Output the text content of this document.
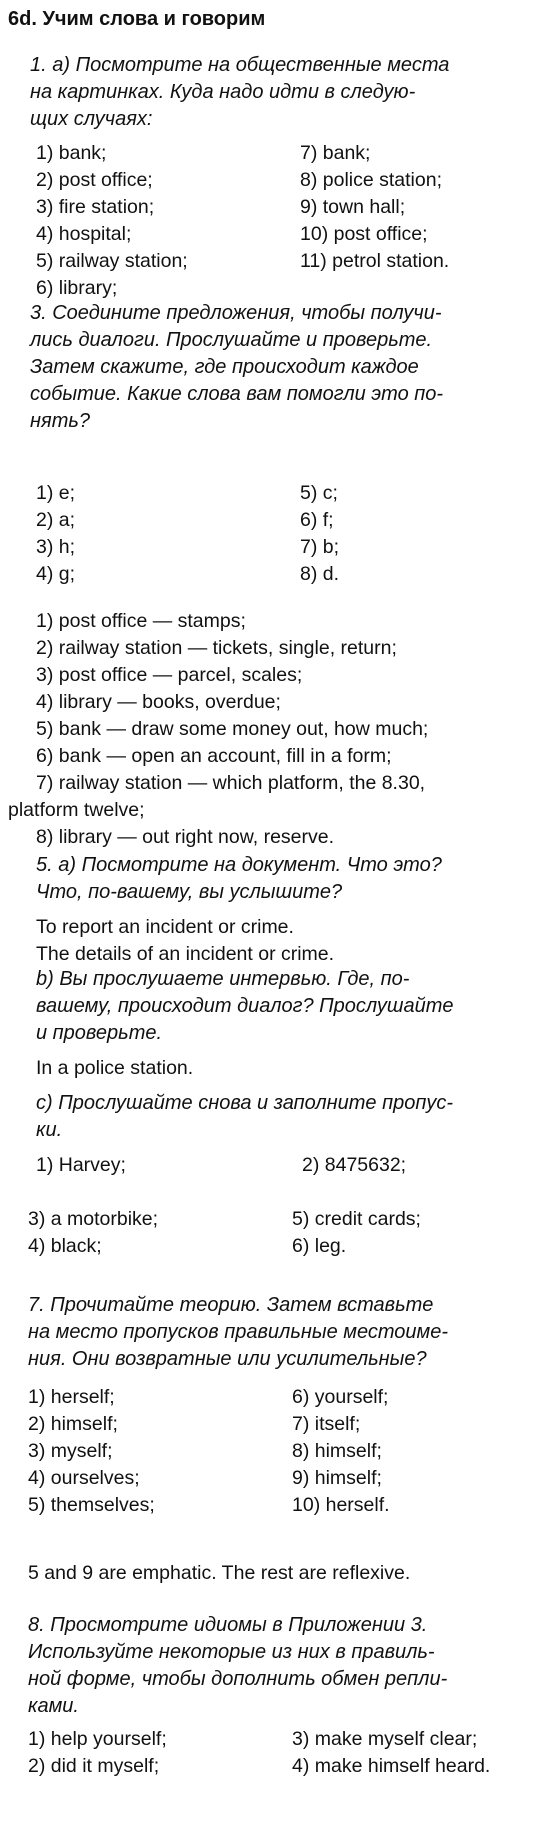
6d. Учим слова и говорим
1. a) Посмотрите на общественные места
на картинках. Куда надо идти в следую-
щих случаях:
1) bank;
2) post office;
3) fire station;
4) hospital;
5) railway station;
6) library;
7) bank;
8) police station;
9) town hall;
10) post office;
11) petrol station.
3. Соедините предложения, чтобы получи-
лись диалоги. Прослушайте и проверьте.
Затем скажите, где происходит каждое
событие. Какие слова вам помогли это по-
нять?
1) e;
2) a;
3) h;
4) g;
5) c;
6) f;
7) b;
8) d.
1) post office — stamps;
2) railway station — tickets, single, return;
3) post office — parcel, scales;
4) library — books, overdue;
5) bank — draw some money out, how much;
6) bank — open an account, fill in a form;
7) railway station — which platform, the 8.30,
platform twelve;
8) library — out right now, reserve.
5. a) Посмотрите на документ. Что это?
Что, по-вашему, вы услышите?
To report an incident or crime.
The details of an incident or crime.
b) Вы прослушаете интервью. Где, по-
вашему, происходит диалог? Прослушайте
и проверьте.
In a police station.
c) Прослушайте снова и заполните пропус-
ки.
1) Harvey;	2) 8475632;
3) a motorbike;
4) black;
5) credit cards;
6) leg.
7. Прочитайте теорию. Затем вставьте
на место пропусков правильные местоиме-
ния. Они возвратные или усилительные?
1) herself;
2) himself;
3) myself;
4) ourselves;
5) themselves;
6) yourself;
7) itself;
8) himself;
9) himself;
10) herself.
5 and 9 are emphatic. The rest are reflexive.
8. Просмотрите идиомы в Приложении 3.
Используйте некоторые из них в правиль-
ной форме, чтобы дополнить обмен репли-
ками.
1) help yourself;
2) did it myself;
3) make myself clear;
4) make himself heard.
